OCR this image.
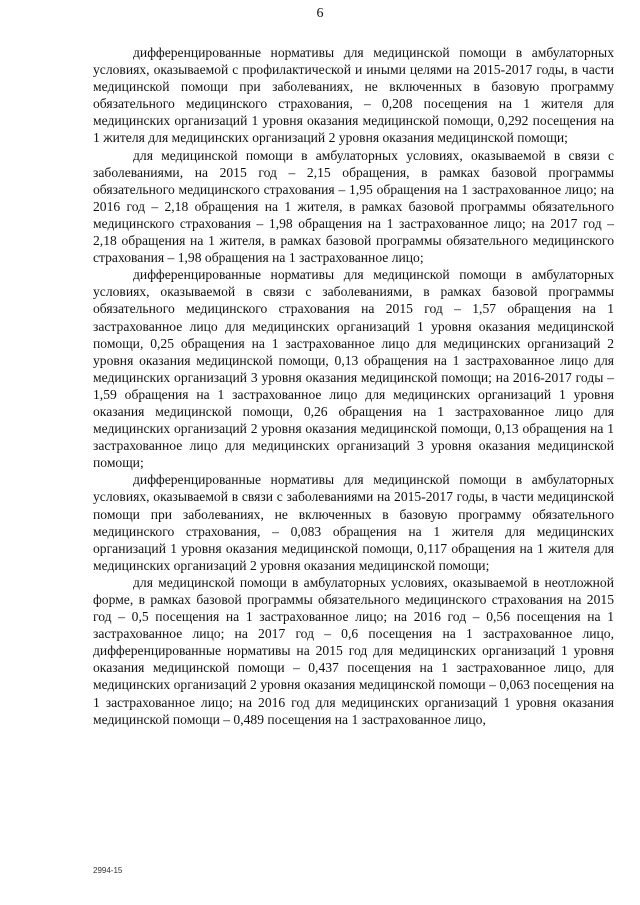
6

дифференцированные нормативы для медицинской помощи в амбулаторных условиях, оказываемой с профилактической и иными целями на 2015-2017 годы, в части медицинской помощи при заболеваниях, не включенных в базовую программу обязательного медицинского страхования, – 0,208 посещения на 1 жителя для медицинских организаций 1 уровня оказания медицинской помощи, 0,292 посещения на 1 жителя для медицинских организаций 2 уровня оказания медицинской помощи;

для медицинской помощи в амбулаторных условиях, оказываемой в связи с заболеваниями, на 2015 год – 2,15 обращения, в рамках базовой программы обязательного медицинского страхования – 1,95 обращения на 1 застрахованное лицо; на 2016 год – 2,18 обращения на 1 жителя, в рамках базовой программы обязательного медицинского страхования – 1,98 обращения на 1 застрахованное лицо; на 2017 год – 2,18 обращения на 1 жителя, в рамках базовой программы обязательного медицинского страхования – 1,98 обращения на 1 застрахованное лицо;

дифференцированные нормативы для медицинской помощи в амбулаторных условиях, оказываемой в связи с заболеваниями, в рамках базовой программы обязательного медицинского страхования на 2015 год – 1,57 обращения на 1 застрахованное лицо для медицинских организаций 1 уровня оказания медицинской помощи, 0,25 обращения на 1 застрахованное лицо для медицинских организаций 2 уровня оказания медицинской помощи, 0,13 обращения на 1 застрахованное лицо для медицинских организаций 3 уровня оказания медицинской помощи; на 2016-2017 годы – 1,59 обращения на 1 застрахованное лицо для медицинских организаций 1 уровня оказания медицинской помощи, 0,26 обращения на 1 застрахованное лицо для медицинских организаций 2 уровня оказания медицинской помощи, 0,13 обращения на 1 застрахованное лицо для медицинских организаций 3 уровня оказания медицинской помощи;

дифференцированные нормативы для медицинской помощи в амбулаторных условиях, оказываемой в связи с заболеваниями на 2015-2017 годы, в части медицинской помощи при заболеваниях, не включенных в базовую программу обязательного медицинского страхования, – 0,083 обращения на 1 жителя для медицинских организаций 1 уровня оказания медицинской помощи, 0,117 обращения на 1 жителя для медицинских организаций 2 уровня оказания медицинской помощи;

для медицинской помощи в амбулаторных условиях, оказываемой в неотложной форме, в рамках базовой программы обязательного медицинского страхования на 2015 год – 0,5 посещения на 1 застрахованное лицо; на 2016 год – 0,56 посещения на 1 застрахованное лицо; на 2017 год – 0,6 посещения на 1 застрахованное лицо, дифференцированные нормативы на 2015 год для медицинских организаций 1 уровня оказания медицинской помощи – 0,437 посещения на 1 застрахованное лицо, для медицинских организаций 2 уровня оказания медицинской помощи – 0,063 посещения на 1 застрахованное лицо; на 2016 год для медицинских организаций 1 уровня оказания медицинской помощи – 0,489 посещения на 1 застрахованное лицо,

2994-15
